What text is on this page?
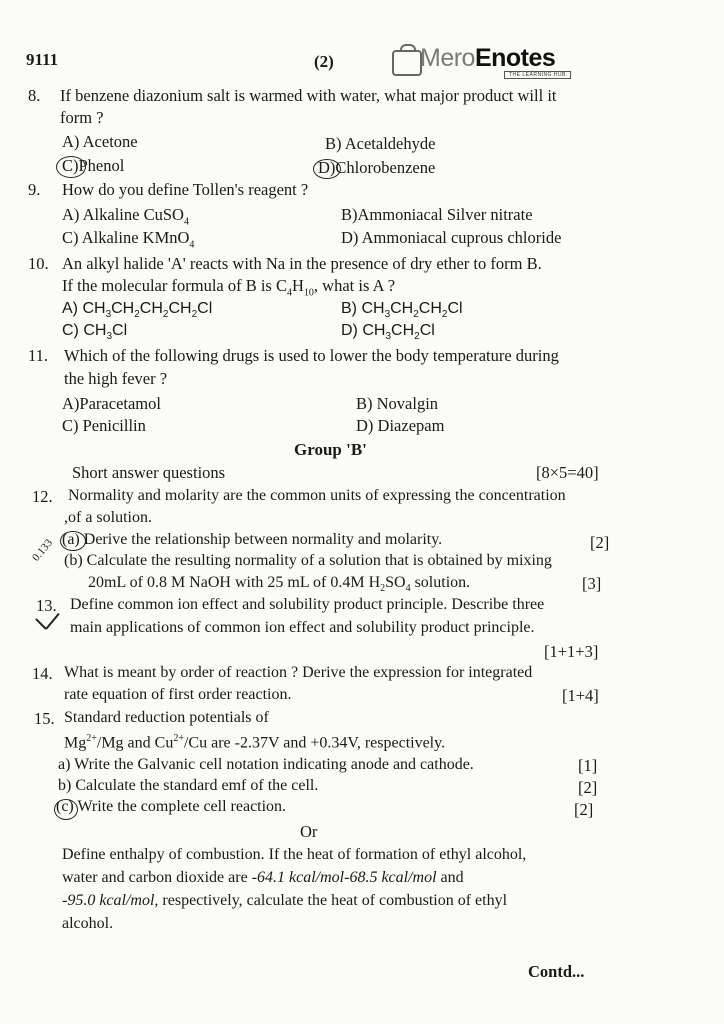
9111	(2)	MeroEnotes
THE LEARNING HUB
8. If benzene diazonium salt is warmed with water, what major product will it
form ?
A) Acetone	B) Acetaldehyde
C)Phenol	D)Chlorobenzene
9. How do you define Tollen's reagent ?
A) Alkaline CuSO$_4$	B)Ammoniacal Silver nitrate
C) Alkaline KMnO$_4$	D) Ammoniacal cuprous chloride
10. An alkyl halide 'A' reacts with Na in the presence of dry ether to form B.
If the molecular formula of B is $C_4H_{10}$, what is A ?
A) $CH_3CH_2CH_2CH_2Cl$	B) $CH_3CH_2CH_2Cl$
C) $CH_3Cl$	D) $CH_3CH_2Cl$
11. Which of the following drugs is used to lower the body temperature during
the high fever ?
A)Paracetamol	B) Novalgin
C) Penicillin	D) Diazepam
Group 'B'
Short answer questions	[8×5=40]
12. Normality and molarity are the common units of expressing the concentration
,of a solution.
(a) Derive the relationship between normality and molarity.	[2]
(b) Calculate the resulting normality of a solution that is obtained by mixing
20mL of 0.8 M NaOH with 25 mL of 0.4M $H_2SO_4$ solution.	[3]
0.133
13. Define common ion effect and solubility product principle. Describe three
main applications of common ion effect and solubility product principle.
[1+1+3]
14. What is meant by order of reaction ? Derive the expression for integrated
rate equation of first order reaction.	[1+4]
15. Standard reduction potentials of
$Mg^{2+}/Mg$ and $Cu^{2+}/Cu$ are -2.37V and +0.34V, respectively.
a) Write the Galvanic cell notation indicating anode and cathode.	[1]
b) Calculate the standard emf of the cell.	[2]
(c) Write the complete cell reaction.	[2]
Or
Define enthalpy of combustion. If the heat of formation of ethyl alcohol,
water and carbon dioxide are -64.1 kcal/mol-68.5 kcal/mol and
-95.0 kcal/mol, respectively, calculate the heat of combustion of ethyl
alcohol.
Contd...
